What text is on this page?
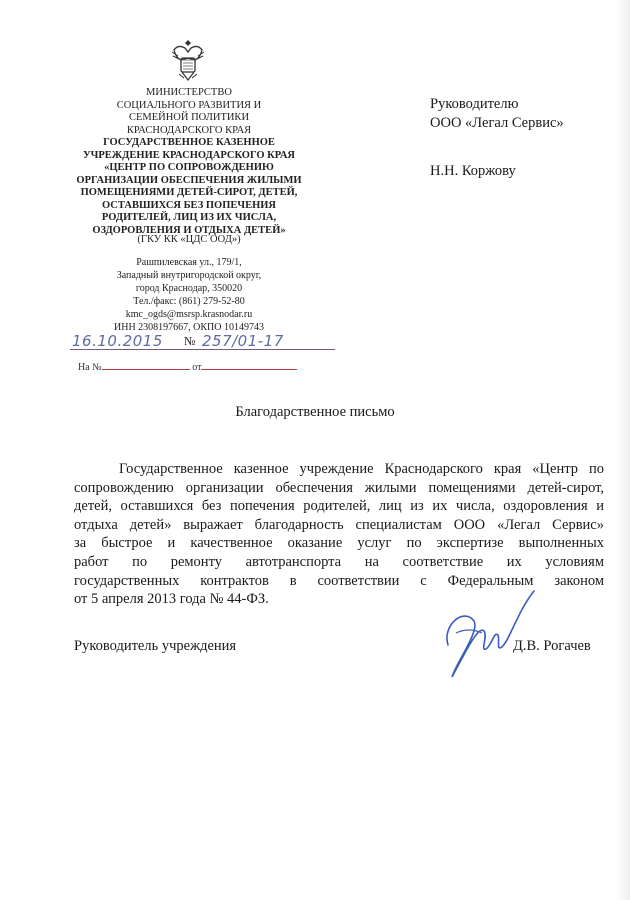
МИНИСТЕРСТВО
СОЦИАЛЬНОГО РАЗВИТИЯ И
СЕМЕЙНОЙ ПОЛИТИКИ
КРАСНОДАРСКОГО КРАЯ
ГОСУДАРСТВЕННОЕ КАЗЕННОЕ
УЧРЕЖДЕНИЕ КРАСНОДАРСКОГО КРАЯ
«ЦЕНТР ПО СОПРОВОЖДЕНИЮ
ОРГАНИЗАЦИИ ОБЕСПЕЧЕНИЯ ЖИЛЫМИ
ПОМЕЩЕНИЯМИ ДЕТЕЙ-СИРОТ, ДЕТЕЙ,
ОСТАВШИХСЯ БЕЗ ПОПЕЧЕНИЯ
РОДИТЕЛЕЙ, ЛИЦ ИЗ ИХ ЧИСЛА,
ОЗДОРОВЛЕНИЯ И ОТДЫХА ДЕТЕЙ»
(ГКУ КК «ЦДС ООД»)
Рашпилевская ул., 179/1,
Западный внутригородской округ,
город Краснодар, 350020
Тел./факс: (861) 279-52-80
kmc_ogds@msrsp.krasnodar.ru
ИНН 2308197667, ОКПО 10149743
16.10.2015 № 257/01-17
На №	от
Руководителю
ООО «Легал Сервис»
Н.Н. Коржову
Благодарственное письмо
Государственное казенное учреждение Краснодарского края «Центр по
сопровождению организации обеспечения жилыми помещениями детей-сирот,
детей, оставшихся без попечения родителей, лиц из их числа, оздоровления и
отдыха детей» выражает благодарность специалистам ООО «Легал Сервис»
за быстрое и качественное оказание услуг по экспертизе выполненных
работ по ремонту автотранспорта на соответствие их условиям
государственных контрактов в соответствии с Федеральным законом
от 5 апреля 2013 года № 44-ФЗ.
Руководитель учреждения	Д.В. Рогачев
